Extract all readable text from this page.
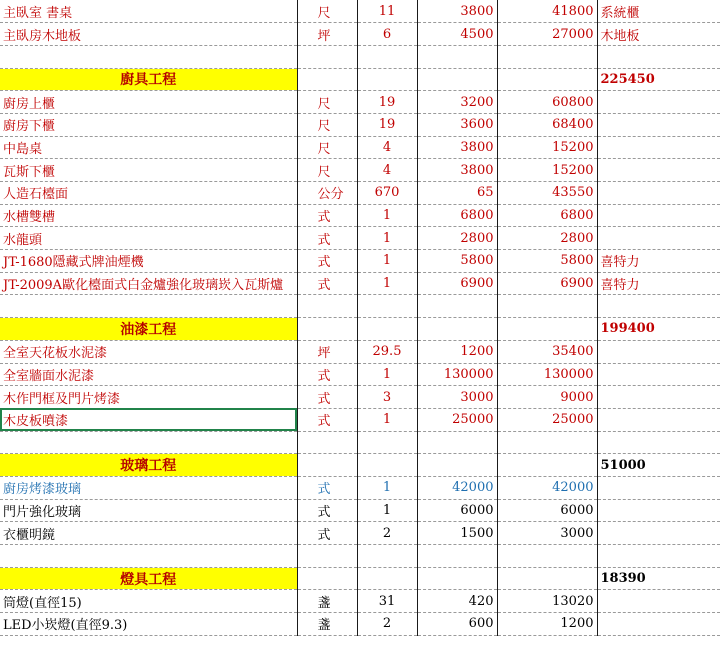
主臥室 書桌	尺	11	3800	41800	系統櫃
主臥房木地板	坪	6	4500	27000	木地板

廚具工程					225450
廚房上櫃	尺	19	3200	60800	
廚房下櫃	尺	19	3600	68400	
中島桌	尺	4	3800	15200	
瓦斯下櫃	尺	4	3800	15200	
人造石檯面	公分	670	65	43550	
水槽雙槽	式	1	6800	6800	
水龍頭	式	1	2800	2800	
JT-1680隱藏式牌油煙機	式	1	5800	5800	喜特力
JT-2009A歐化檯面式白金爐強化玻璃崁入瓦斯爐	式	1	6900	6900	喜特力

油漆工程					199400
全室天花板水泥漆	坪	29.5	1200	35400	
全室牆面水泥漆	式	1	130000	130000	
木作門框及門片烤漆	式	3	3000	9000	
木皮板噴漆	式	1	25000	25000	

玻璃工程					51000
廚房烤漆玻璃	式	1	42000	42000	
門片強化玻璃	式	1	6000	6000	
衣櫃明鏡	式	2	1500	3000	

燈具工程					18390
筒燈(直徑15)	盞	31	420	13020	
LED小崁燈(直徑9.3)	盞	2	600	1200	
